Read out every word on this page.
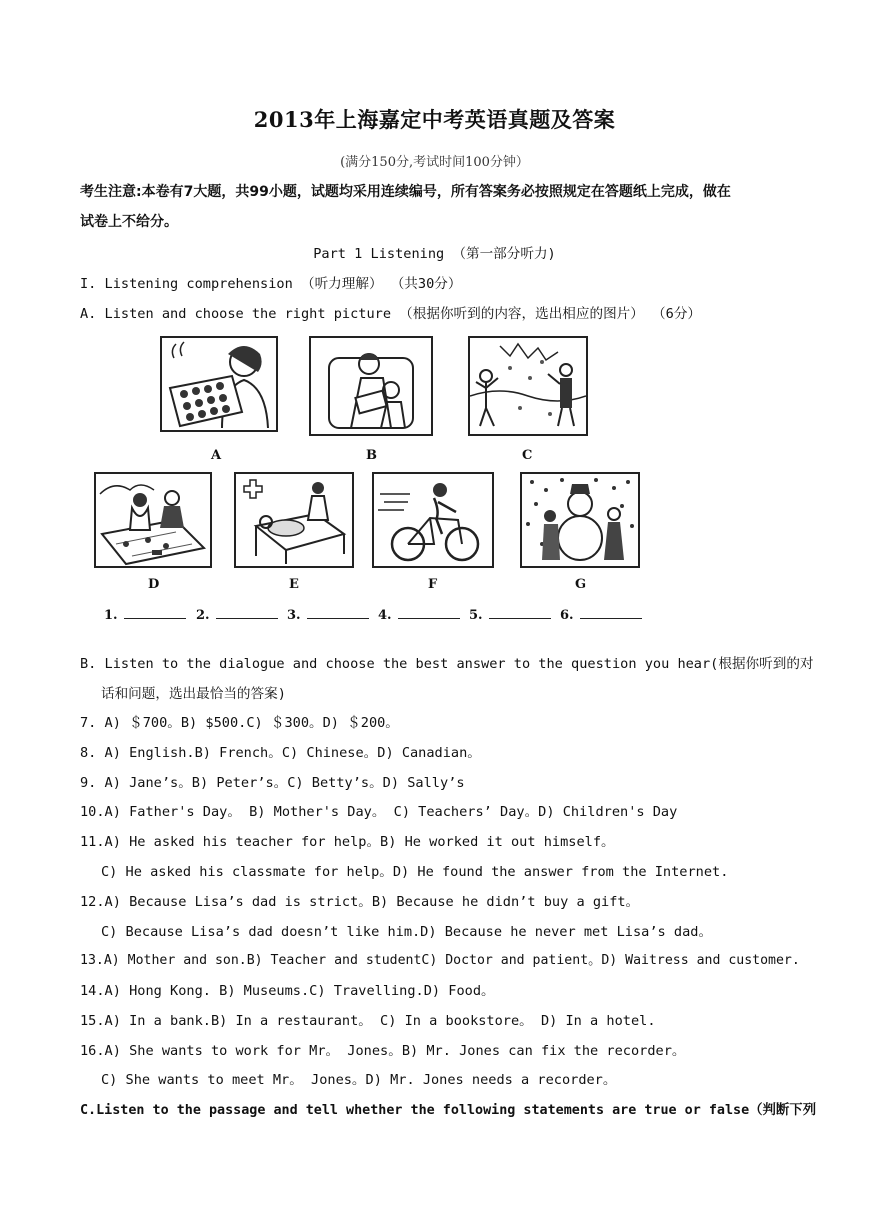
2013年上海嘉定中考英语真题及答案
(满分150分,考试时间100分钟）
考生注意:本卷有7大题，共99小题，试题均采用连续编号，所有答案务必按照规定在答题纸上完成，做在
试卷上不给分。
Part 1 Listening （第一部分听力)
I. Listening comprehension （听力理解） （共30分）
A. Listen and choose the right picture （根据你听到的内容，选出相应的图片） （6分）
A	B	C
D	E	F	G
1.	2.	3.	4.	5.	6.
B. Listen to the dialogue and choose the best answer to the question you hear(根据你听到的对
话和问题，选出最恰当的答案)
7. A) ＄700。B) $500.C) ＄300。D) ＄200。
8. A) English.B) French。C) Chinese。D) Canadian。
9. A) Jane’s。B) Peter’s。C) Betty’s。D) Sally’s
10.A) Father's Day。 B) Mother's Day。 C) Teachers’ Day。D) Children's Day
11.A) He asked his teacher for help。B) He worked it out himself。
C) He asked his classmate for help。D) He found the answer from the Internet.
12.A) Because Lisa’s dad is strict。B) Because he didn’t buy a gift。
C) Because Lisa’s dad doesn’t like him.D) Because he never met Lisa’s dad。
13.A) Mother and son.B) Teacher and studentC) Doctor and patient。D) Waitress and customer.
14.A) Hong Kong. B) Museums.C) Travelling.D) Food。
15.A) In a bank.B) In a restaurant。 C) In a bookstore。 D) In a hotel.
16.A) She wants to work for Mr。 Jones。B) Mr. Jones can fix the recorder。
C) She wants to meet Mr。 Jones。D) Mr. Jones needs a recorder。
C.Listen to the passage and tell whether the following statements are true or false（判断下列
